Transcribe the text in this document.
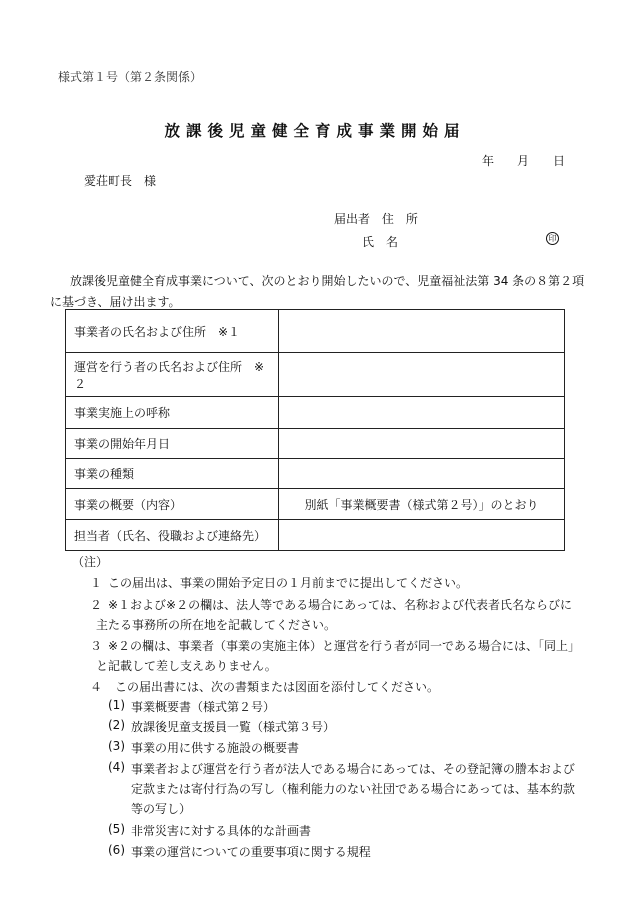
様式第１号（第２条関係）
放課後児童健全育成事業開始届
年 月 日
愛荘町長　様
届出者 住　所
氏　名	印
放課後児童健全育成事業について、次のとおり開始したいので、児童福祉法第 34 条の８第２項
に基づき、届け出ます。
事業者の氏名および住所　※１	
運営を行う者の氏名および住所　※２	
事業実施上の呼称	
事業の開始年月日	
事業の種類	
事業の概要（内容）	別紙「事業概要書（様式第２号）」のとおり
担当者（氏名、役職および連絡先）	
（注）
１ この届出は、事業の開始予定日の１月前までに提出してください。
２ ※１および※２の欄は、法人等である場合にあっては、名称および代表者氏名ならびに
主たる事務所の所在地を記載してください。
３ ※２の欄は、事業者（事業の実施主体）と運営を行う者が同一である場合には、「同上」
と記載して差し支えありません。
４ この届出書には、次の書類または図面を添付してください。
(1) 事業概要書（様式第２号）
(2) 放課後児童支援員一覧（様式第３号）
(3) 事業の用に供する施設の概要書
(4) 事業者および運営を行う者が法人である場合にあっては、その登記簿の謄本および
定款または寄付行為の写し（権利能力のない社団である場合にあっては、基本約款
等の写し）
(5) 非常災害に対する具体的な計画書
(6) 事業の運営についての重要事項に関する規程
